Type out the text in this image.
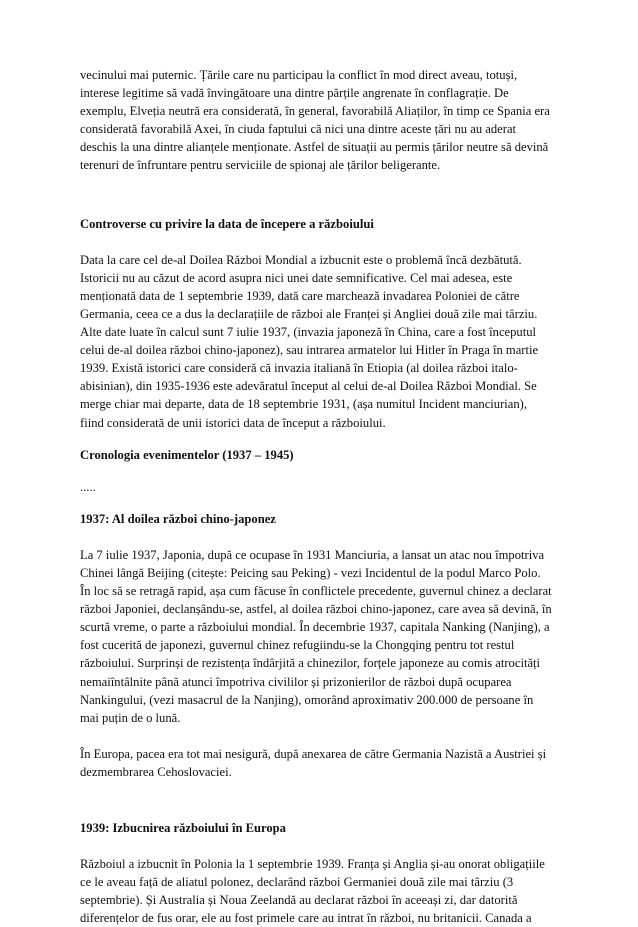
vecinului mai puternic. Țările care nu participau la conflict în mod direct aveau, totuși,
interese legitime să vadă învingătoare una dintre părțile angrenate în conflagrație. De
exemplu, Elveția neutră era considerată, în general, favorabilă Aliaților, în timp ce Spania era
considerată favorabilă Axei, în ciuda faptului că nici una dintre aceste țări nu au aderat
deschis la una dintre alianțele menționate. Astfel de situații au permis țărilor neutre să devină
terenuri de înfruntare pentru serviciile de spionaj ale țărilor beligerante.

Controverse cu privire la data de începere a războiului

Data la care cel de-al Doilea Război Mondial a izbucnit este o problemă încă dezbătută.
Istoricii nu au căzut de acord asupra nici unei date semnificative. Cel mai adesea, este
menționată data de 1 septembrie 1939, dată care marchează invadarea Poloniei de către
Germania, ceea ce a dus la declarațiile de război ale Franței și Angliei două zile mai târziu.
Alte date luate în calcul sunt 7 iulie 1937, (invazia japoneză în China, care a fost începutul
celui de-al doilea război chino-japonez), sau intrarea armatelor lui Hitler în Praga în martie
1939. Există istorici care consideră că invazia italiană în Etiopia (al doilea război italo-
abisinian), din 1935-1936 este adevăratul început al celui de-al Doilea Război Mondial. Se
merge chiar mai departe, data de 18 septembrie 1931, (așa numitul Incident manciurian),
fiind considerată de unii istorici data de început a războiului.

Cronologia evenimentelor (1937 – 1945)

.....

1937: Al doilea război chino-japonez

La 7 iulie 1937, Japonia, după ce ocupase în 1931 Manciuria, a lansat un atac nou împotriva
Chinei lângă Beijing (citește: Peicing sau Peking) - vezi Incidentul de la podul Marco Polo.
În loc să se retragă rapid, așa cum făcuse în conflictele precedente, guvernul chinez a declarat
război Japoniei, declanșându-se, astfel, al doilea război chino-japonez, care avea să devină, în
scurtă vreme, o parte a războiului mondial. În decembrie 1937, capitala Nanking (Nanjing), a
fost cucerită de japonezi, guvernul chinez refugiindu-se la Chongqing pentru tot restul
războiului. Surprinși de rezistența îndârjită a chinezilor, forțele japoneze au comis atrocități
nemaiîntâlnite până atunci împotriva civililor și prizonierilor de război după ocuparea
Nankingului, (vezi masacrul de la Nanjing), omorând aproximativ 200.000 de persoane în
mai puțin de o lună.

În Europa, pacea era tot mai nesigură, după anexarea de către Germania Nazistă a Austriei și
dezmembrarea Cehoslovaciei.

1939: Izbucnirea războiului în Europa

Războiul a izbucnit în Polonia la 1 septembrie 1939. Franța și Anglia și-au onorat obligațiile
ce le aveau față de aliatul polonez, declarând război Germaniei două zile mai târziu (3
septembrie). Și Australia și Noua Zeelandă au declarat război în aceeași zi, dar datorită
diferențelor de fus orar, ele au fost primele care au intrat în război, nu britanicii. Canada a
